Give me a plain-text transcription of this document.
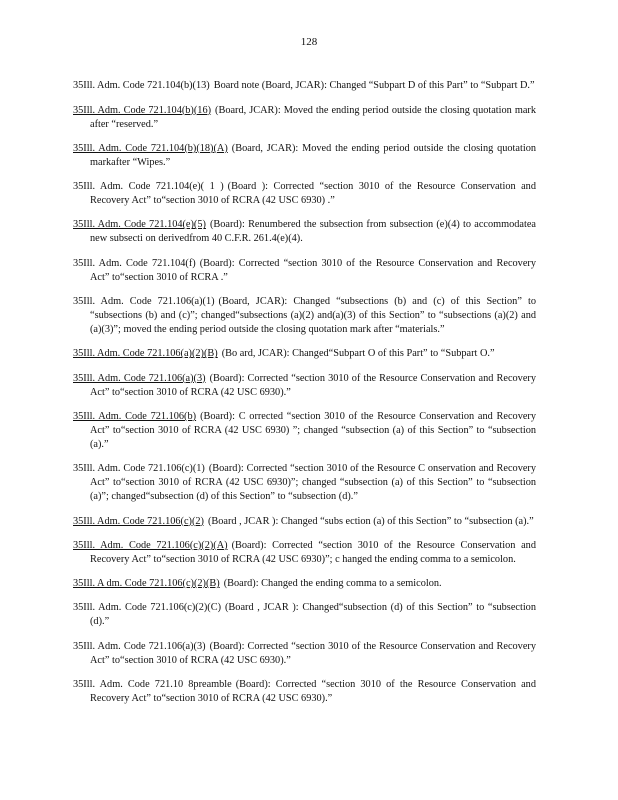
128

35Ill. Adm. Code 721.104(b)(13) Board note (Board, JCAR): Changed “Subpart D of this Part” to “Subpart D.”

35Ill. Adm. Code 721.104(b)(16) (Board, JCAR): Moved the ending period outside the closing quotation mark after “reserved.”

35Ill. Adm. Code 721.104(b)(18)(A) (Board, JCAR): Moved the ending period outside the closing quotation markafter “Wipes.”

35Ill. Adm. Code 721.104(e)( 1 ) (Board ): Corrected “section 3010 of the Resource Conservation and Recovery Act” to“section 3010 of RCRA (42 USC 6930) .”

35Ill. Adm. Code 721.104(e)(5) (Board): Renumbered the subsection from subsection (e)(4) to accommodatea new subsecti on derivedfrom 40 C.F.R. 261.4(e)(4).

35Ill. Adm. Code 721.104(f) (Board): Corrected “section 3010 of the Resource Conservation and Recovery Act” to“section 3010 of RCRA .”

35Ill. Adm. Code 721.106(a)(1) (Board, JCAR): Changed “subsections (b) and (c) of this Section” to “subsections (b) and (c)”; changed“subsections (a)(2) and(a)(3) of this Section” to “subsections (a)(2) and (a)(3)”; moved the ending period outside the closing quotation mark after “materials.”

35Ill. Adm. Code 721.106(a)(2)(B) (Bo ard, JCAR): Changed“Subpart O of this Part” to “Subpart O.”

35Ill. Adm. Code 721.106(a)(3) (Board): Corrected “section 3010 of the Resource Conservation and Recovery Act” to“section 3010 of RCRA (42 USC 6930).”

35Ill. Adm. Code 721.106(b) (Board): C orrected “section 3010 of the Resource Conservation and Recovery Act” to“section 3010 of RCRA (42 USC 6930) ”; changed “subsection (a) of this Section” to “subsection (a).”

35Ill. Adm. Code 721.106(c)(1) (Board): Corrected “section 3010 of the Resource C onservation and Recovery Act” to“section 3010 of RCRA (42 USC 6930)”; changed “subsection (a) of this Section” to “subsection (a)”; changed“subsection (d) of this Section” to “subsection (d).”

35Ill. Adm. Code 721.106(c)(2) (Board , JCAR ): Changed “subs ection (a) of this Section” to “subsection (a).”

35Ill. Adm. Code 721.106(c)(2)(A) (Board): Corrected “section 3010 of the Resource Conservation and Recovery Act” to“section 3010 of RCRA (42 USC 6930)”; c hanged the ending comma to a semicolon.

35Ill. A dm. Code 721.106(c)(2)(B) (Board): Changed the ending comma to a semicolon.

35Ill. Adm. Code 721.106(c)(2)(C) (Board , JCAR ): Changed“subsection (d) of this Section” to “subsection (d).”

35Ill. Adm. Code 721.106(a)(3) (Board): Corrected “section 3010 of the Resource Conservation and Recovery Act” to“section 3010 of RCRA (42 USC 6930).”

35Ill. Adm. Code 721.10 8preamble (Board): Corrected “section 3010 of the Resource Conservation and Recovery Act” to“section 3010 of RCRA (42 USC 6930).”
